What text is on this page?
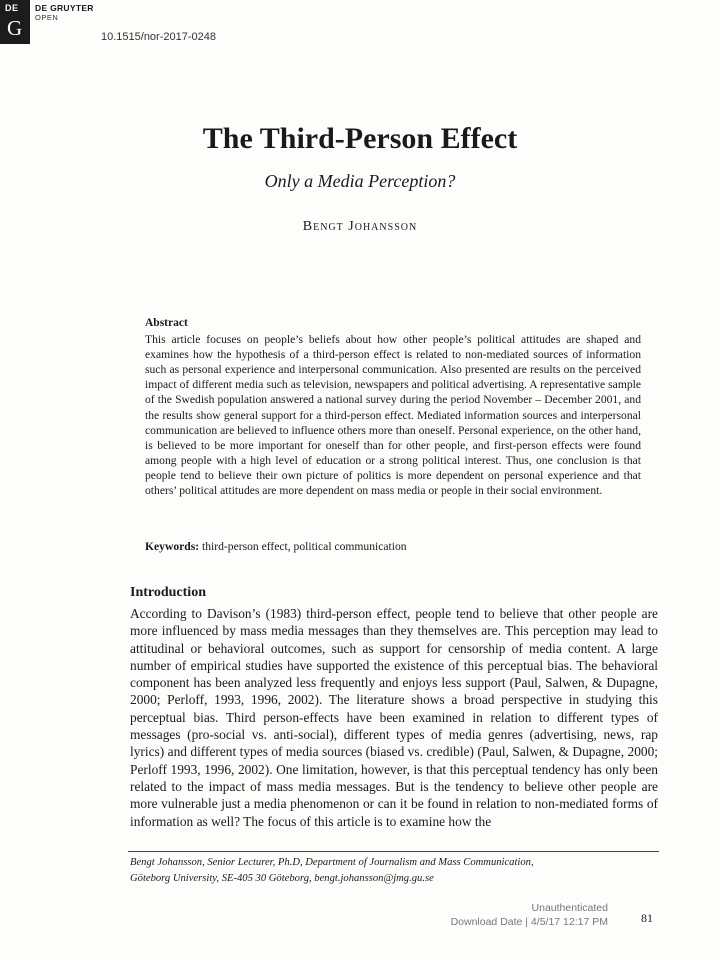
DE
G
DE GRUYTER
OPEN
10.1515/nor-2017-0248
The Third-Person Effect
Only a Media Perception?
Bengt Johansson
Abstract
This article focuses on people’s beliefs about how other people’s political attitudes are shaped and examines how the hypothesis of a third-person effect is related to non-mediated sources of information such as personal experience and interpersonal communication. Also presented are results on the perceived impact of different media such as television, newspapers and political advertising. A representative sample of the Swedish population answered a national survey during the period November – December 2001, and the results show general support for a third-person effect. Mediated information sources and interpersonal communication are believed to influence others more than oneself. Personal experience, on the other hand, is believed to be more important for oneself than for other people, and first-person effects were found among people with a high level of education or a strong political interest. Thus, one conclusion is that people tend to believe their own picture of politics is more dependent on personal experience and that others’ political attitudes are more dependent on mass media or people in their social environment.
Keywords: third-person effect, political communication
Introduction
According to Davison’s (1983) third-person effect, people tend to believe that other people are more influenced by mass media messages than they themselves are. This perception may lead to attitudinal or behavioral outcomes, such as support for censorship of media content. A large number of empirical studies have supported the existence of this perceptual bias. The behavioral component has been analyzed less frequently and enjoys less support (Paul, Salwen, & Dupagne, 2000; Perloff, 1993, 1996, 2002). The literature shows a broad perspective in studying this perceptual bias. Third person-effects have been examined in relation to different types of messages (pro-social vs. anti-social), different types of media genres (advertising, news, rap lyrics) and different types of media sources (biased vs. credible) (Paul, Salwen, & Dupagne, 2000; Perloff 1993, 1996, 2002). One limitation, however, is that this perceptual tendency has only been related to the impact of mass media messages. But is the tendency to believe other people are more vulnerable just a media phenomenon or can it be found in relation to non-mediated forms of information as well? The focus of this article is to examine how the
Bengt Johansson, Senior Lecturer, Ph.D, Department of Journalism and Mass Communication,
Göteborg University, SE-405 30 Göteborg, bengt.johansson@jmg.gu.se
Unauthenticated
Download Date | 4/5/17 12:17 PM	81
